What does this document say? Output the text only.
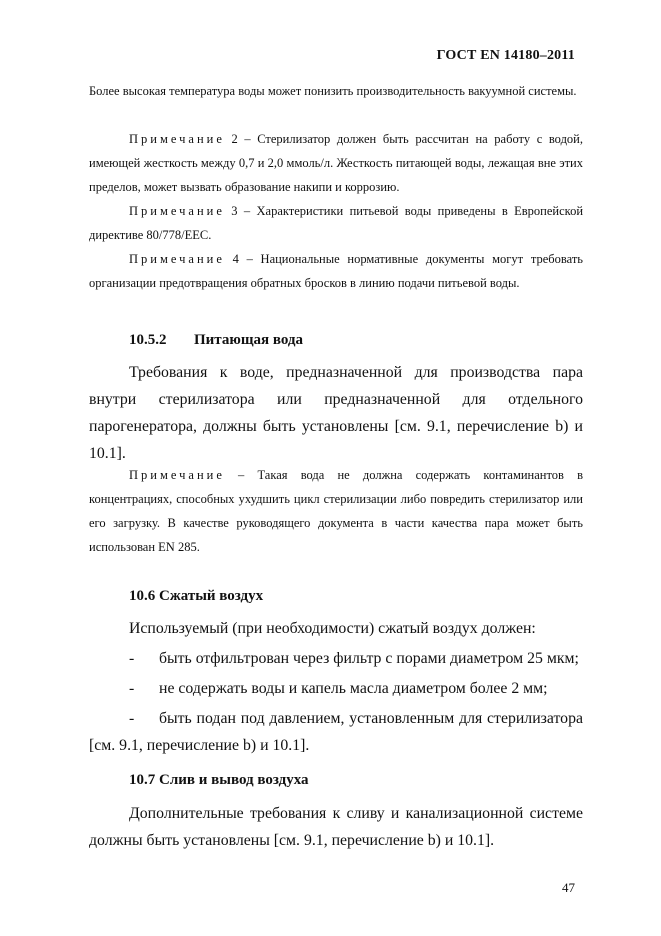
ГОСТ EN 14180–2011

Более высокая температура воды может понизить производительность вакуумной системы.

Примечание 2 – Стерилизатор должен быть рассчитан на работу с водой, имеющей жесткость между 0,7 и 2,0 ммоль/л. Жесткость питающей воды, лежащая вне этих пределов, может вызвать образование накипи и коррозию.
Примечание 3 – Характеристики питьевой воды приведены в Европейской директиве 80/778/EEC.
Примечание 4 – Национальные нормативные документы могут требовать организации предотвращения обратных бросков в линию подачи питьевой воды.
10.5.2 Питающая вода

Требования к воде, предназначенной для производства пара внутри стерилизатора или предназначенной для отдельного парогенератора, должны быть установлены [см. 9.1, перечисление b) и 10.1].

Примечание – Такая вода не должна содержать контаминантов в концентрациях, способных ухудшить цикл стерилизации либо повредить стерилизатор или его загрузку. В качестве руководящего документа в части качества пара может быть использован EN 285.
10.6 Сжатый воздух

Используемый (при необходимости) сжатый воздух должен:

- быть отфильтрован через фильтр с порами диаметром 25 мкм;
- не содержать воды и капель масла диаметром более 2 мм;
- быть подан под давлением, установленным для стерилизатора [см. 9.1, перечисление b) и 10.1].
10.7 Слив и вывод воздуха

Дополнительные требования к сливу и канализационной системе должны быть установлены [см. 9.1, перечисление b) и 10.1].

47
